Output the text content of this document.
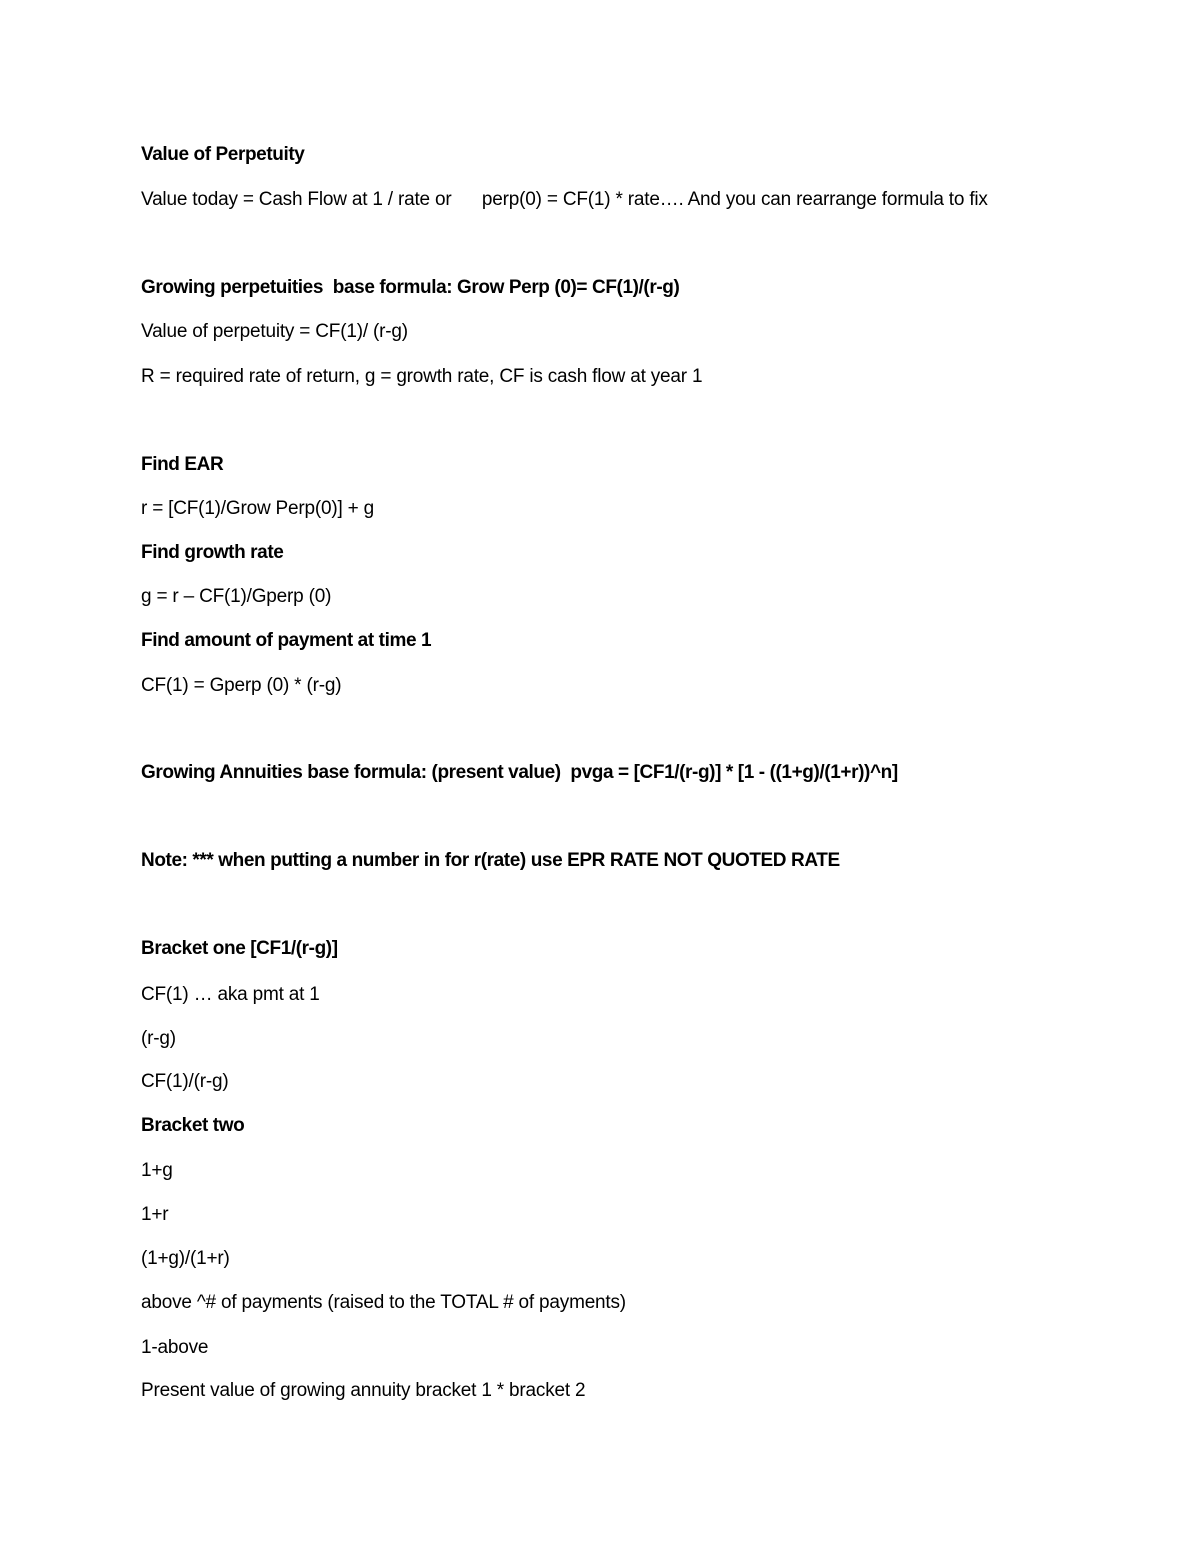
Value of Perpetuity
Value today = Cash Flow at 1 / rate or      perp(0) = CF(1) * rate…. And you can rearrange formula to fix
Growing perpetuities  base formula: Grow Perp (0)= CF(1)/(r-g)
Value of perpetuity = CF(1)/ (r-g)
R = required rate of return, g = growth rate, CF is cash flow at year 1
Find EAR
r = [CF(1)/Grow Perp(0)] + g
Find growth rate
g = r – CF(1)/Gperp (0)
Find amount of payment at time 1
CF(1) = Gperp (0) * (r-g)
Growing Annuities base formula: (present value)  pvga = [CF1/(r-g)] * [1 - ((1+g)/(1+r))^n]
Note: *** when putting a number in for r(rate) use EPR RATE NOT QUOTED RATE
Bracket one [CF1/(r-g)]
CF(1) … aka pmt at 1
(r-g)
CF(1)/(r-g)
Bracket two
1+g
1+r
(1+g)/(1+r)
above ^# of payments (raised to the TOTAL # of payments)
1-above
Present value of growing annuity bracket 1 * bracket 2
